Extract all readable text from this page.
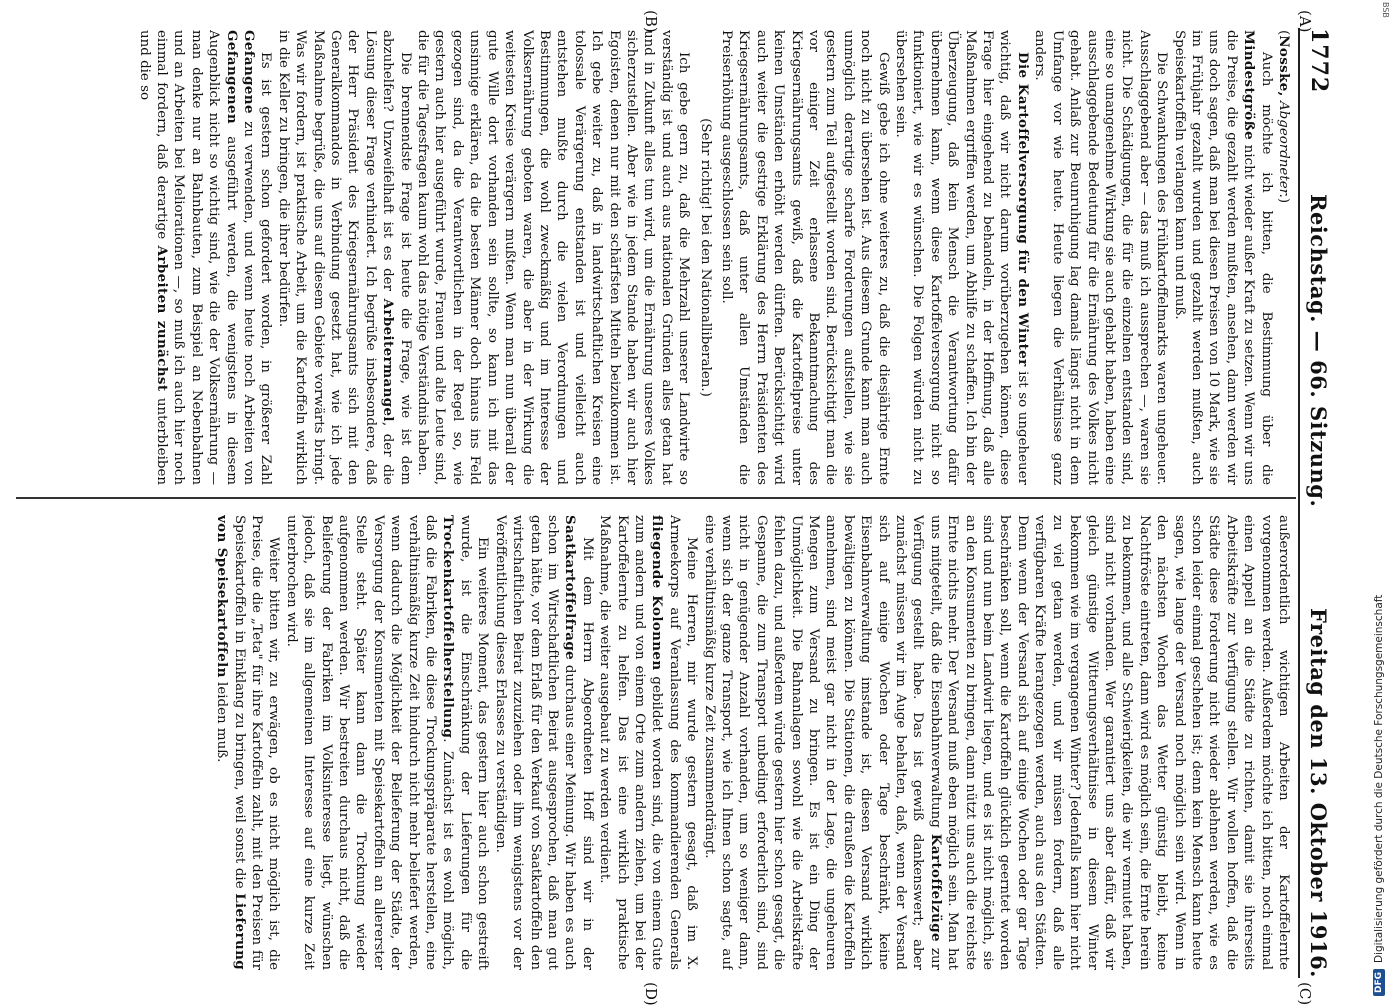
1772
Reichstag. — 66. Sitzung.
Freitag den 13. Oktober 1916.
(A)
(B)
(C)
(D)

(Nosske, Abgeordneter.)

Auch möchte ich bitten, die Bestimmung über die Mindestgröße nicht wieder außer Kraft zu setzen. Wenn wir uns die Preise, die gezahlt werden mußten, ansehen, dann werden wir uns doch sagen, daß man bei diesen Preisen von 10 Mark, wie sie im Frühjahr gezahlt wurden und gezahlt werden mußten, auch Speisekartoffeln verlangen kann und muß.

Die Schwankungen des Frühkartoffelmarkts waren ungeheuer. Ausschlaggebend aber — das muß ich aussprechen —, waren sie nicht. Die Schädigungen, die für die einzelnen entstanden sind, eine so unangenehme Wirkung sie auch gehabt haben, haben eine ausschlaggebende Bedeutung für die Ernährung des Volkes nicht gehabt. Anlaß zur Beunruhigung lag damals längst nicht in dem Umfange vor wie heute. Heute liegen die Verhältnisse ganz anders.

Die Kartoffelversorgung für den Winter ist so ungeheuer wichtig, daß wir nicht darum vorüberzugehen können, diese Frage hier eingehend zu behandeln, in der Hoffnung, daß alle Maßnahmen ergriffen werden, um Abhilfe zu schaffen. Ich bin der Überzeugung, daß kein Mensch die Verantwortung dafür übernehmen kann, wenn diese Kartoffelversorgung nicht so funktioniert, wie wir es wünschen. Die Folgen würden nicht zu übersehen sein.

Gewiß gebe ich ohne weiteres zu, daß die diesjährige Ernte noch nicht zu übersehen ist. Aus diesem Grunde kann man auch unmöglich derartige scharfe Forderungen aufstellen, wie sie gestern zum Teil aufgestellt worden sind. Berücksichtigt man die vor einiger Zeit erlassene Bekanntmachung des Kriegsernährungsamts gewiß, daß die Kartoffelpreise unter keinen Umständen erhöht werden dürften. Berücksichtigt wird auch weiter die gestrige Erklärung des Herrn Präsidenten des Kriegsernährungsamts, daß unter allen Umständen die Preiserhöhung ausgeschlossen sein soll.

(Sehr richtig! bei den Nationalliberalen.)

Ich gebe gern zu, daß die Mehrzahl unserer Landwirte so verständig ist und auch aus nationalen Gründen alles getan hat und in Zukunft alles tun wird, um die Ernährung unseres Volkes sicherzustellen. Aber wie in jedem Stande haben wir auch hier Egoisten, denen nur mit den schärfsten Mitteln beizukommen ist. Ich gebe weiter zu, daß in landwirtschaftlichen Kreisen eine tolossale Verärgerung entstanden ist und vielleicht auch entstehen mußte durch die vielen Verordnungen und Bestimmungen, die wohl zweckmäßig und im Interesse der Volksernährung geboten waren, die aber in der Wirkung die weitesten Kreise verärgern mußten. Wenn man nun überall der gute Wille dort vorhanden sein sollte, so kann ich mit das unsinnige erklären, da die besten Männer doch hinaus ins Feld gezogen sind, da die Verantwortlichen in der Regel so, wie gestern auch hier ausgeführt wurde, Frauen und alte Leute sind, die für die Tagesfragen kaum wohl das nötige Verständnis haben.

Die brennendste Frage ist heute die Frage, wie ist dem abzuhelfen? Unzweifelhaft ist es der Arbeitermangel, der die Lösung dieser Frage verhindert. Ich begrüße insbesondere, daß der Herr Präsident des Kriegsernährungsamts sich mit den Generalkommandos in Verbindung gesetzt hat, wie ich jede Maßnahme begrüße, die uns auf diesem Gebiete vorwärts bringt. Was wir fordern, ist praktische Arbeit, um die Kartoffeln wirklich in die Keller zu bringen, die ihrer bedürfen.

Es ist gestern schon gefordert worden, in größerer Zahl Gefangene zu verwenden, und wenn heute noch Arbeiten von Gefangenen ausgeführt werden, die wenigstens in diesem Augenblick nicht so wichtig sind, wie die der Volksernährung — man denke nur an Bahnbauten, zum Beispiel an Nebenbahnen und an Arbeiten bei Meliorationen —, so muß ich auch hier noch einmal fordern, daß derartige Arbeiten zunächst unterbleiben und die so

außerordentlich wichtigen Arbeiten der Kartoffelernte vorgenommen werden. Außerdem möchte ich bitten, noch einmal einen Appell an die Städte zu richten, damit sie ihrerseits Arbeitskräfte zur Verfügung stellen. Wir wollen hoffen, daß die Städte diese Forderung nicht wieder ablehnen werden, wie es schon leider einmal geschehen ist; denn kein Mensch kann heute sagen, wie lange der Versand noch möglich sein wird. Wenn in den nächsten Wochen das Wetter günstig bleibt, keine Nachtfröste eintreten, dann wird es möglich sein, die Ernte herein zu bekommen, und alle Schwierigkeiten, die wir vermutet haben, sind nicht vorhanden. Wer garantiert uns aber dafür, daß wir gleich günstige Witterungsverhältnisse in diesem Winter bekommen wie im vergangenen Winter? Jedenfalls kann hier nicht zu viel getan werden, und wir müssen fordern, daß alle verfügbaren Kräfte herangezogen werden, auch aus den Städten. Denn wenn der Versand sich auf einige Wochen oder gar Tage beschränken soll, wenn die Kartoffeln glücklich geerntet worden sind und nun beim Landwirt liegen, und es ist nicht möglich, sie an den Konsumenten zu bringen, dann nützt uns auch die reichste Ernte nichts mehr. Der Versand muß eben möglich sein. Man hat uns mitgeteilt, daß die Eisenbahnverwaltung Kartoffelzüge zur Verfügung gestellt habe. Das ist gewiß dankenswert; aber zunächst müssen wir im Auge behalten, daß, wenn der Versand sich auf einige Wochen oder Tage beschränkt, keine Eisenbahnverwaltung imstande ist, diesen Versand wirklich bewältigen zu können. Die Stationen, die draußen die Kartoffeln annehmen, sind meist gar nicht in der Lage, die ungeheuren Mengen zum Versand zu bringen. Es ist ein Ding der Unmöglichkeit. Die Bahnanlagen sowohl wie die Arbeitskräfte fehlen dazu, und außerdem würde gestern hier schon gesagt, die Gespanne, die zum Transport unbedingt erforderlich sind, sind nicht in genügender Anzahl vorhanden, um so weniger dann, wenn sich der ganze Transport, wie ich Ihnen schon sagte, auf eine verhältnismäßig kurze Zeit zusammendrängt.

Meine Herren, mir wurde gestern gesagt, daß im X. Armeekorps auf Veranlassung des kommandierenden Generals fliegende Kolonnen gebildet worden sind, die von einem Gute zum andern und von einem Orte zum andern ziehen, um bei der Kartoffelernte zu helfen. Das ist eine wirklich praktische Maßnahme, die weiter ausgebaut zu werden verdient.

Mit dem Herrn Abgeordneten Hoff sind wir in der Saatkartoffelfrage durchaus einer Meinung. Wir haben es auch schon im Wirtschaftlichen Beirat ausgesprochen, daß man gut getan hätte, vor dem Erlaß für den Verkauf von Saatkartoffeln den wirtschaftlichen Beirat zuzuziehen oder ihm wenigstens vor der Veröffentlichung dieses Erlasses zu verständigen.

Ein weiteres Moment, das gestern hier auch schon gestreift wurde, ist die Einschränkung der Lieferungen für die Trockenkartoffelherstellung. Zunächst ist es wohl möglich, daß die Fabriken, die diese Trockungspräparate herstellen, eine verhältnismäßig kurze Zeit hindurch nicht mehr beliefert werden, wenn dadurch die Möglichkeit der Belieferung der Städte, der Versorgung der Konsumenten mit Speisekartoffeln an allererster Stelle steht. Später kann dann die Trocknung wieder aufgenommen werden. Wir bestreiten durchaus nicht, daß die Belieferung der Fabriken im Volksinteresse liegt, wünschen jedoch, daß sie im allgemeinen Interesse auf eine kurze Zeit unterbrochen wird.

Weiter bitten wir, zu erwägen, ob es nicht möglich ist, die Preise, die die „Teta" für ihre Kartoffeln zahlt, mit den Preisen für Speisekartoffeln in Einklang zu bringen, weil sonst die Lieferung von Speisekartoffeln leiden muß.

BSB
DFG
Digitalisierung gefördert durch die Deutsche Forschungsgemeinschaft
